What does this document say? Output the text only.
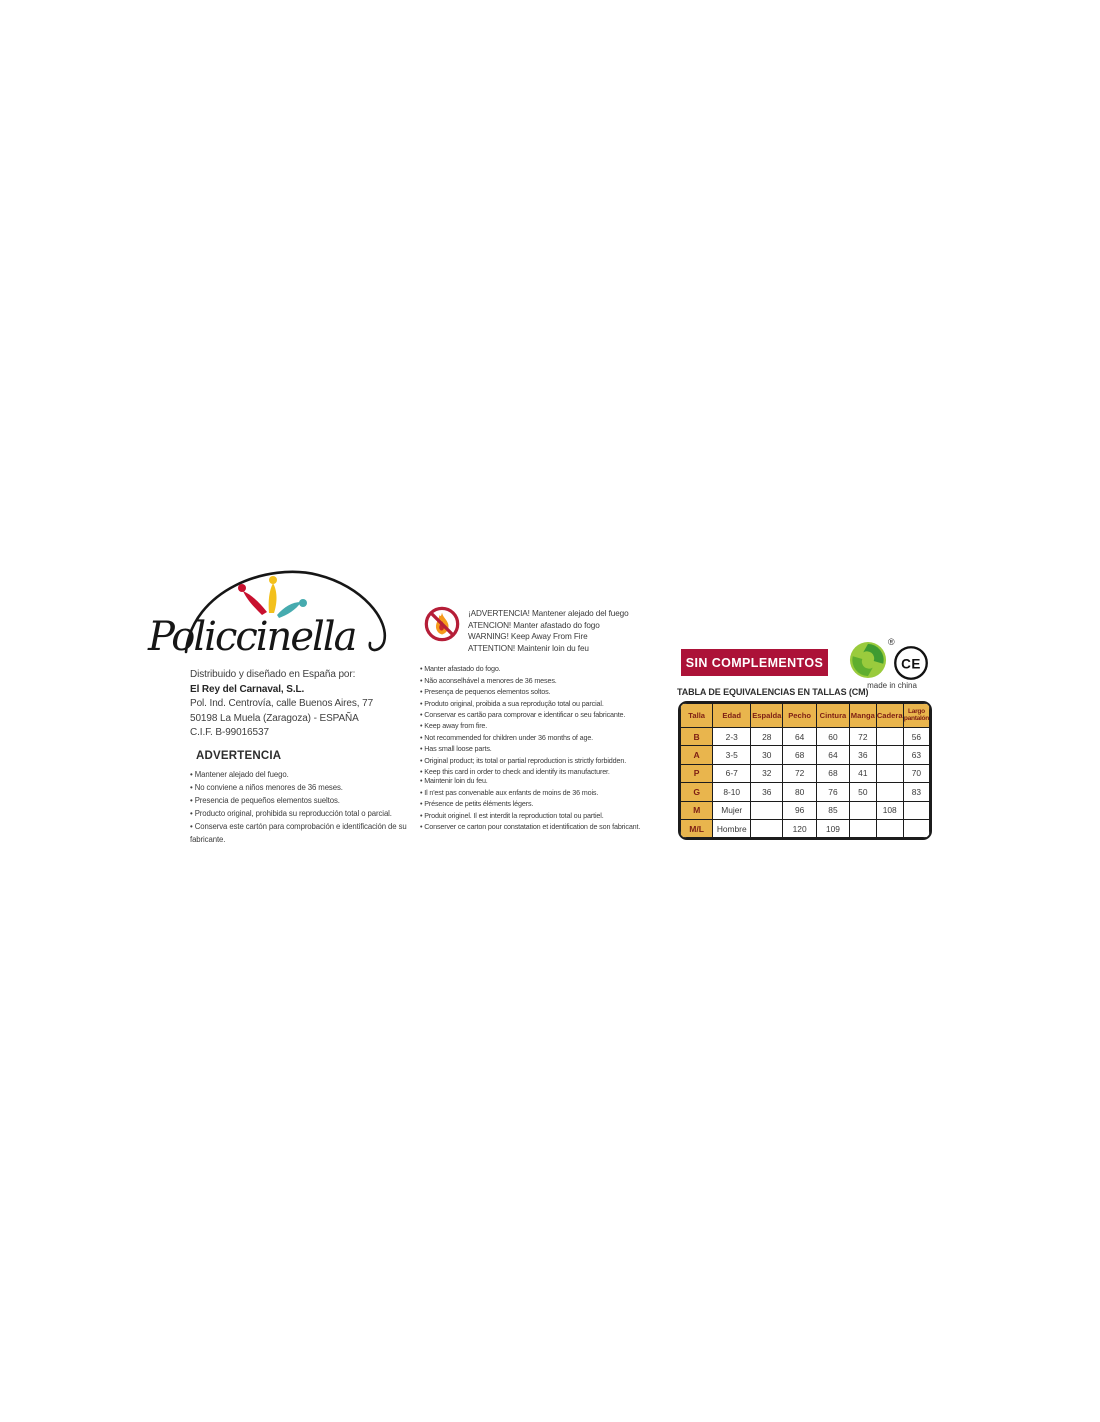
Policcinella
Distribuido y diseñado en España por:
El Rey del Carnaval, S.L.
Pol. Ind. Centrovía, calle Buenos Aires, 77
50198 La Muela (Zaragoza) - ESPAÑA
C.I.F. B-99016537
ADVERTENCIA
• Mantener alejado del fuego.
• No conviene a niños menores de 36 meses.
• Presencia de pequeños elementos sueltos.
• Producto original, prohibida su reproducción total o parcial.
• Conserva este cartón para comprobación e identificación de su fabricante.
¡ADVERTENCIA! Mantener alejado del fuego
ATENCION! Manter afastado do fogo
WARNING! Keep Away From Fire
ATTENTION! Maintenir loin du feu
• Manter afastado do fogo.
• Não aconselhável a menores de 36 meses.
• Presença de pequenos elementos soltos.
• Produto original, proibida a sua reprodução total ou parcial.
• Conservar es cartão para comprovar e identificar o seu fabricante.
• Keep away from fire.
• Not recommended for children under 36 months of age.
• Has small loose parts.
• Original product; its total or partial reproduction is strictly forbidden.
• Keep this card in order to check and identify its manufacturer.
• Maintenir loin du feu.
• Il n'est pas convenable aux enfants de moins de 36 mois.
• Présence de petits éléments légers.
• Produit originel. Il est interdit la reproduction total ou partiel.
• Conserver ce carton pour constatation et identification de son fabricant.
SIN COMPLEMENTOS
®
CE
made in china
TABLA DE EQUIVALENCIAS EN TALLAS (CM)
Talla	Edad	Espalda	Pecho	Cintura	Manga	Cadera	Largo pantalón
B	2-3	28	64	60	72		56
A	3-5	30	68	64	36		63
P	6-7	32	72	68	41		70
G	8-10	36	80	76	50		83
M	Mujer		96	85		108	
M/L	Hombre		120	109			
